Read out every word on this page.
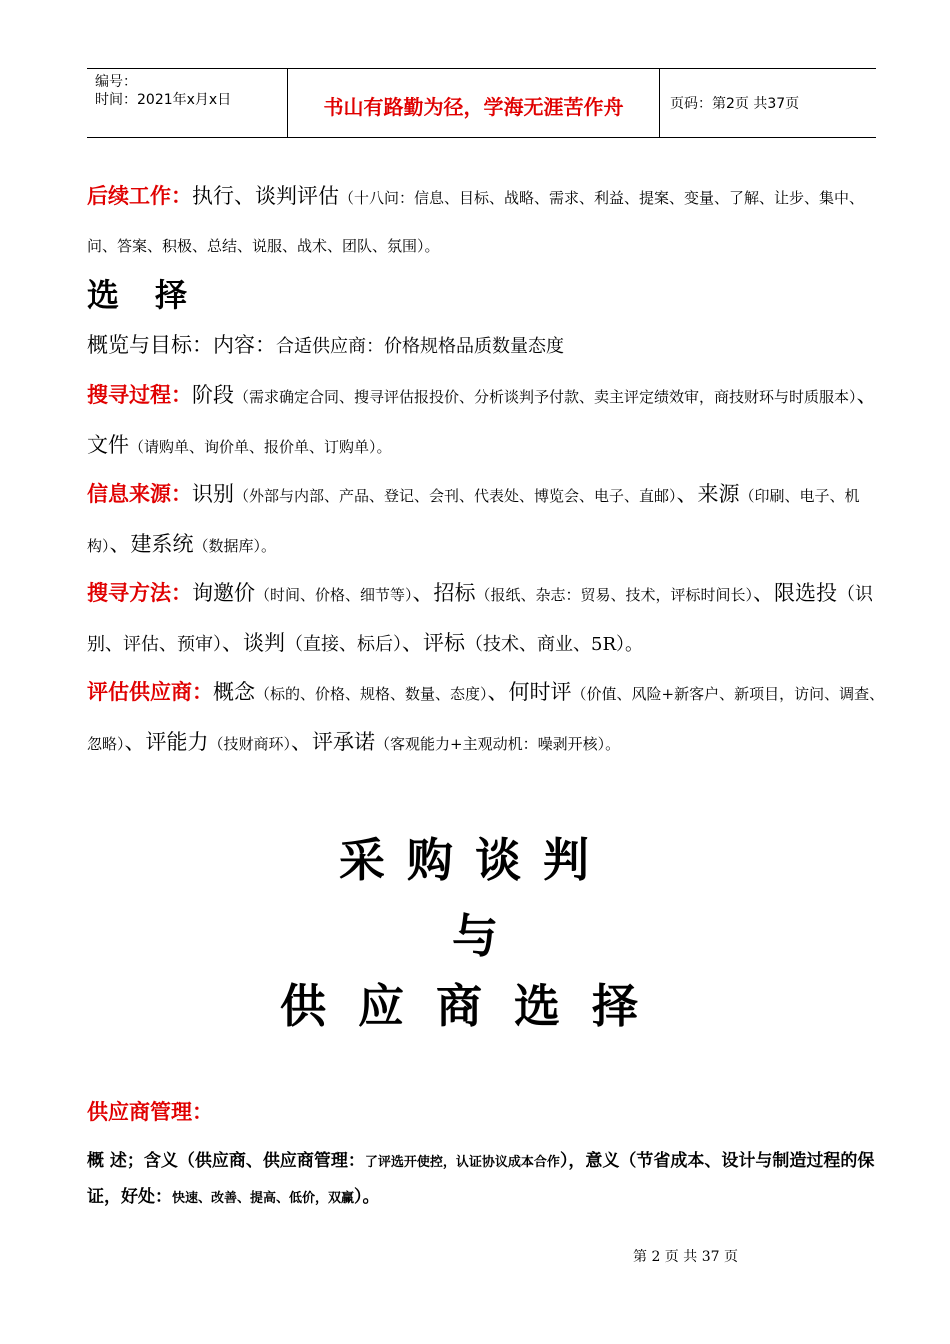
编号：
时间：2021年x月x日	书山有路勤为径，学海无涯苦作舟	页码：第2页 共37页
后续工作：执行、谈判评估（十八问：信息、目标、战略、需求、利益、提案、变量、了解、让步、集中、问、答案、积极、总结、说服、战术、团队、氛围）。
选择
概览与目标：内容：合适供应商：价格规格品质数量态度
搜寻过程：阶段（需求确定合同、搜寻评估报投价、分析谈判予付款、卖主评定绩效审，商技财环与时质服本）、文件（请购单、询价单、报价单、订购单）。
信息来源：识别（外部与内部、产品、登记、会刊、代表处、博览会、电子、直邮）、来源（印刷、电子、机构）、建系统（数据库）。
搜寻方法：询邀价（时间、价格、细节等）、招标（报纸、杂志：贸易、技术，评标时间长）、限选投（识别、评估、预审）、谈判（直接、标后）、评标（技术、商业、5R）。
评估供应商：概念（标的、价格、规格、数量、态度）、何时评（价值、风险+新客户、新项目，访问、调查、忽略）、评能力（技财商环）、评承诺（客观能力+主观动机：噪剥开核）。
采购谈判
与
供应商选择
供应商管理：
概 述；含义（供应商、供应商管理：了评选开使控，认证协议成本合作），意义（节省成本、设计与制造过程的保证，好处：快速、改善、提高、低价，双赢）。
第 2 页 共 37 页
